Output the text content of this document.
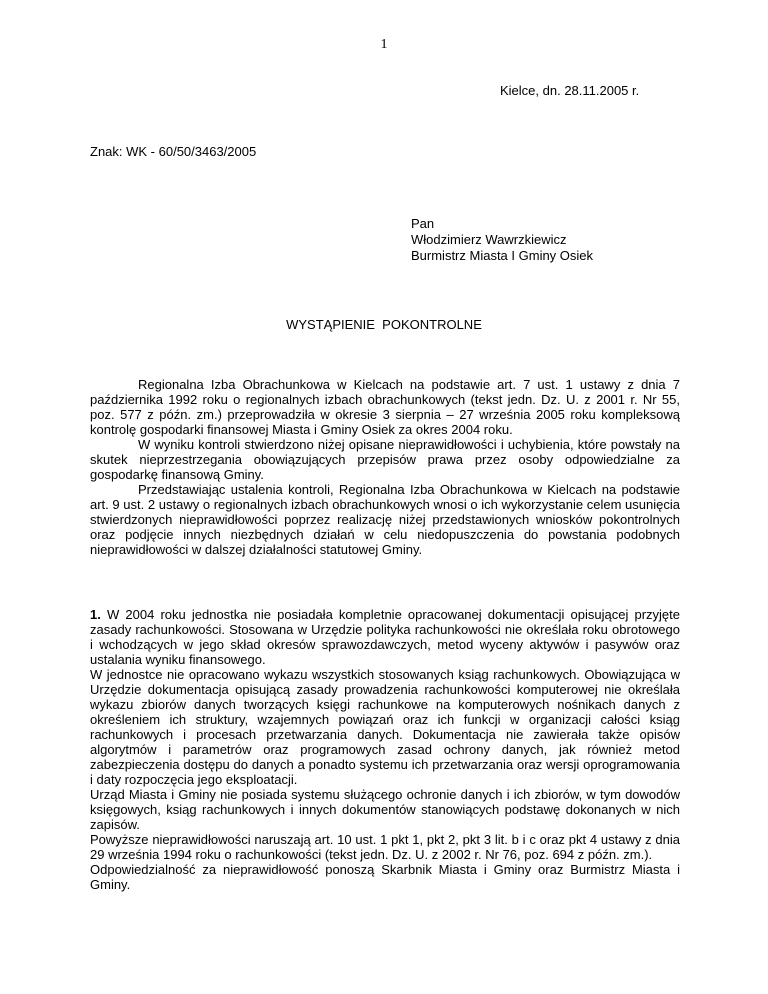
1
Kielce, dn. 28.11.2005 r.
Znak: WK - 60/50/3463/2005
Pan
Włodzimierz Wawrzkiewicz
Burmistrz Miasta I Gminy Osiek
WYSTĄPIENIE  POKONTROLNE

Regionalna Izba Obrachunkowa w Kielcach na podstawie art. 7 ust. 1 ustawy z dnia 7 października 1992 roku o regionalnych izbach obrachunkowych (tekst jedn. Dz. U. z 2001 r. Nr 55, poz. 577 z późn. zm.) przeprowadziła w okresie 3 sierpnia – 27 września 2005 roku kompleksową kontrolę gospodarki finansowej Miasta i Gminy Osiek za okres 2004 roku.

W wyniku kontroli stwierdzono niżej opisane nieprawidłowości i uchybienia, które powstały na skutek nieprzestrzegania obowiązujących przepisów prawa przez osoby odpowiedzialne za gospodarkę finansową Gminy.

Przedstawiając ustalenia kontroli, Regionalna Izba Obrachunkowa w Kielcach na podstawie art. 9 ust. 2 ustawy o regionalnych izbach obrachunkowych wnosi o ich wykorzystanie celem usunięcia stwierdzonych nieprawidłowości poprzez realizację niżej przedstawionych wniosków pokontrolnych oraz podjęcie innych niezbędnych działań w celu niedopuszczenia do powstania podobnych nieprawidłowości w dalszej działalności statutowej Gminy.

1. W 2004 roku jednostka nie posiadała kompletnie opracowanej dokumentacji opisującej przyjęte zasady rachunkowości. Stosowana w Urzędzie polityka rachunkowości nie określała roku obrotowego i wchodzących w jego skład okresów sprawozdawczych, metod wyceny aktywów i pasywów oraz ustalania wyniku finansowego.

W jednostce nie opracowano wykazu wszystkich stosowanych ksiąg rachunkowych. Obowiązująca w Urzędzie dokumentacja opisującą zasady prowadzenia rachunkowości komputerowej nie określała wykazu zbiorów danych tworzących księgi rachunkowe na komputerowych nośnikach danych z określeniem ich struktury, wzajemnych powiązań oraz ich funkcji w organizacji całości ksiąg rachunkowych i procesach przetwarzania danych. Dokumentacja nie zawierała także opisów algorytmów i parametrów oraz programowych zasad ochrony danych, jak również metod zabezpieczenia dostępu do danych a ponadto systemu ich przetwarzania oraz wersji oprogramowania i daty rozpoczęcia jego eksploatacji.

Urząd Miasta i Gminy nie posiada systemu służącego ochronie danych i ich zbiorów, w tym dowodów księgowych, ksiąg rachunkowych i innych dokumentów stanowiących podstawę dokonanych w nich zapisów.

Powyższe nieprawidłowości naruszają art. 10 ust. 1 pkt 1, pkt 2, pkt 3 lit. b i c oraz pkt 4 ustawy z dnia 29 września 1994 roku o rachunkowości (tekst jedn. Dz. U. z 2002 r. Nr 76, poz. 694 z późn. zm.).

Odpowiedzialność za nieprawidłowość ponoszą Skarbnik Miasta i Gminy oraz Burmistrz Miasta i Gminy.
